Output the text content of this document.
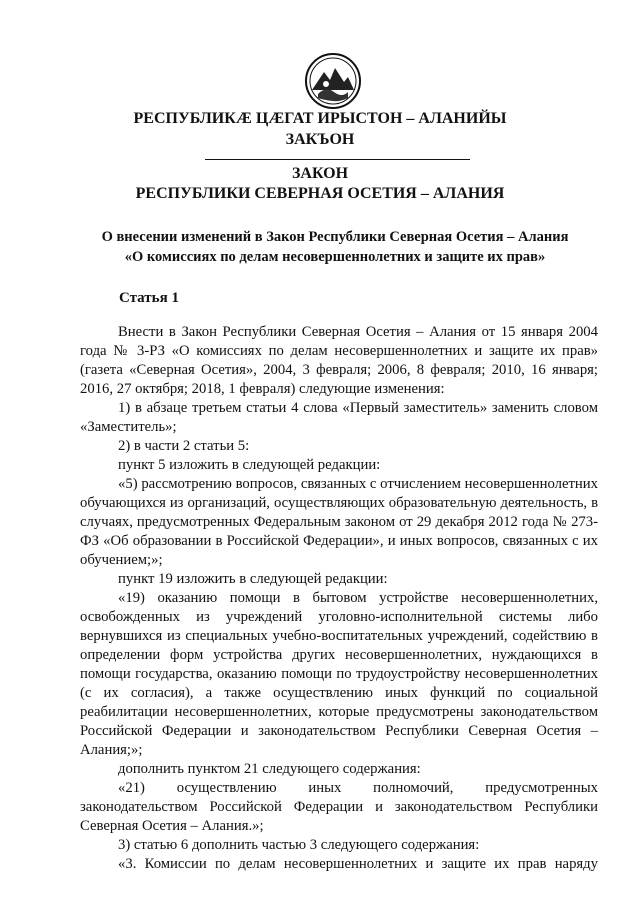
РЕСПУБЛИКӔ ЦӔГАТ ИРЫСТОН – АЛАНИЙЫ
ЗАКЪОН
ЗАКОН
РЕСПУБЛИКИ СЕВЕРНАЯ ОСЕТИЯ – АЛАНИЯ
О внесении изменений в Закон Республики Северная Осетия – Алания
«О комиссиях по делам несовершеннолетних и защите их прав»
Статья 1

Внести в Закон Республики Северная Осетия – Алания от 15 января 2004 года № 3-РЗ «О комиссиях по делам несовершеннолетних и защите их прав» (газета «Северная Осетия», 2004, 3 февраля; 2006, 8 февраля; 2010, 16 января; 2016, 27 октября; 2018, 1 февраля) следующие изменения:

1) в абзаце третьем статьи 4 слова «Первый заместитель» заменить словом «Заместитель»;

2) в части 2 статьи 5:

пункт 5 изложить в следующей редакции:

«5) рассмотрению вопросов, связанных с отчислением несовершеннолетних обучающихся из организаций, осуществляющих образовательную деятельность, в случаях, предусмотренных Федеральным законом от 29 декабря 2012 года № 273-ФЗ «Об образовании в Российской Федерации», и иных вопросов, связанных с их обучением;»;

пункт 19 изложить в следующей редакции:

«19) оказанию помощи в бытовом устройстве несовершеннолетних, освобожденных из учреждений уголовно-исполнительной системы либо вернувшихся из специальных учебно-воспитательных учреждений, содействию в определении форм устройства других несовершеннолетних, нуждающихся в помощи государства, оказанию помощи по трудоустройству несовершеннолетних (с их согласия), а также осуществлению иных функций по социальной реабилитации несовершеннолетних, которые предусмотрены законодательством Российской Федерации и законодательством Республики Северная Осетия – Алания;»;

дополнить пунктом 21 следующего содержания:

«21) осуществлению иных полномочий, предусмотренных законодательством Российской Федерации и законодательством Республики Северная Осетия – Алания.»;

3) статью 6 дополнить частью 3 следующего содержания:

«3. Комиссии по делам несовершеннолетних и защите их прав наряду
